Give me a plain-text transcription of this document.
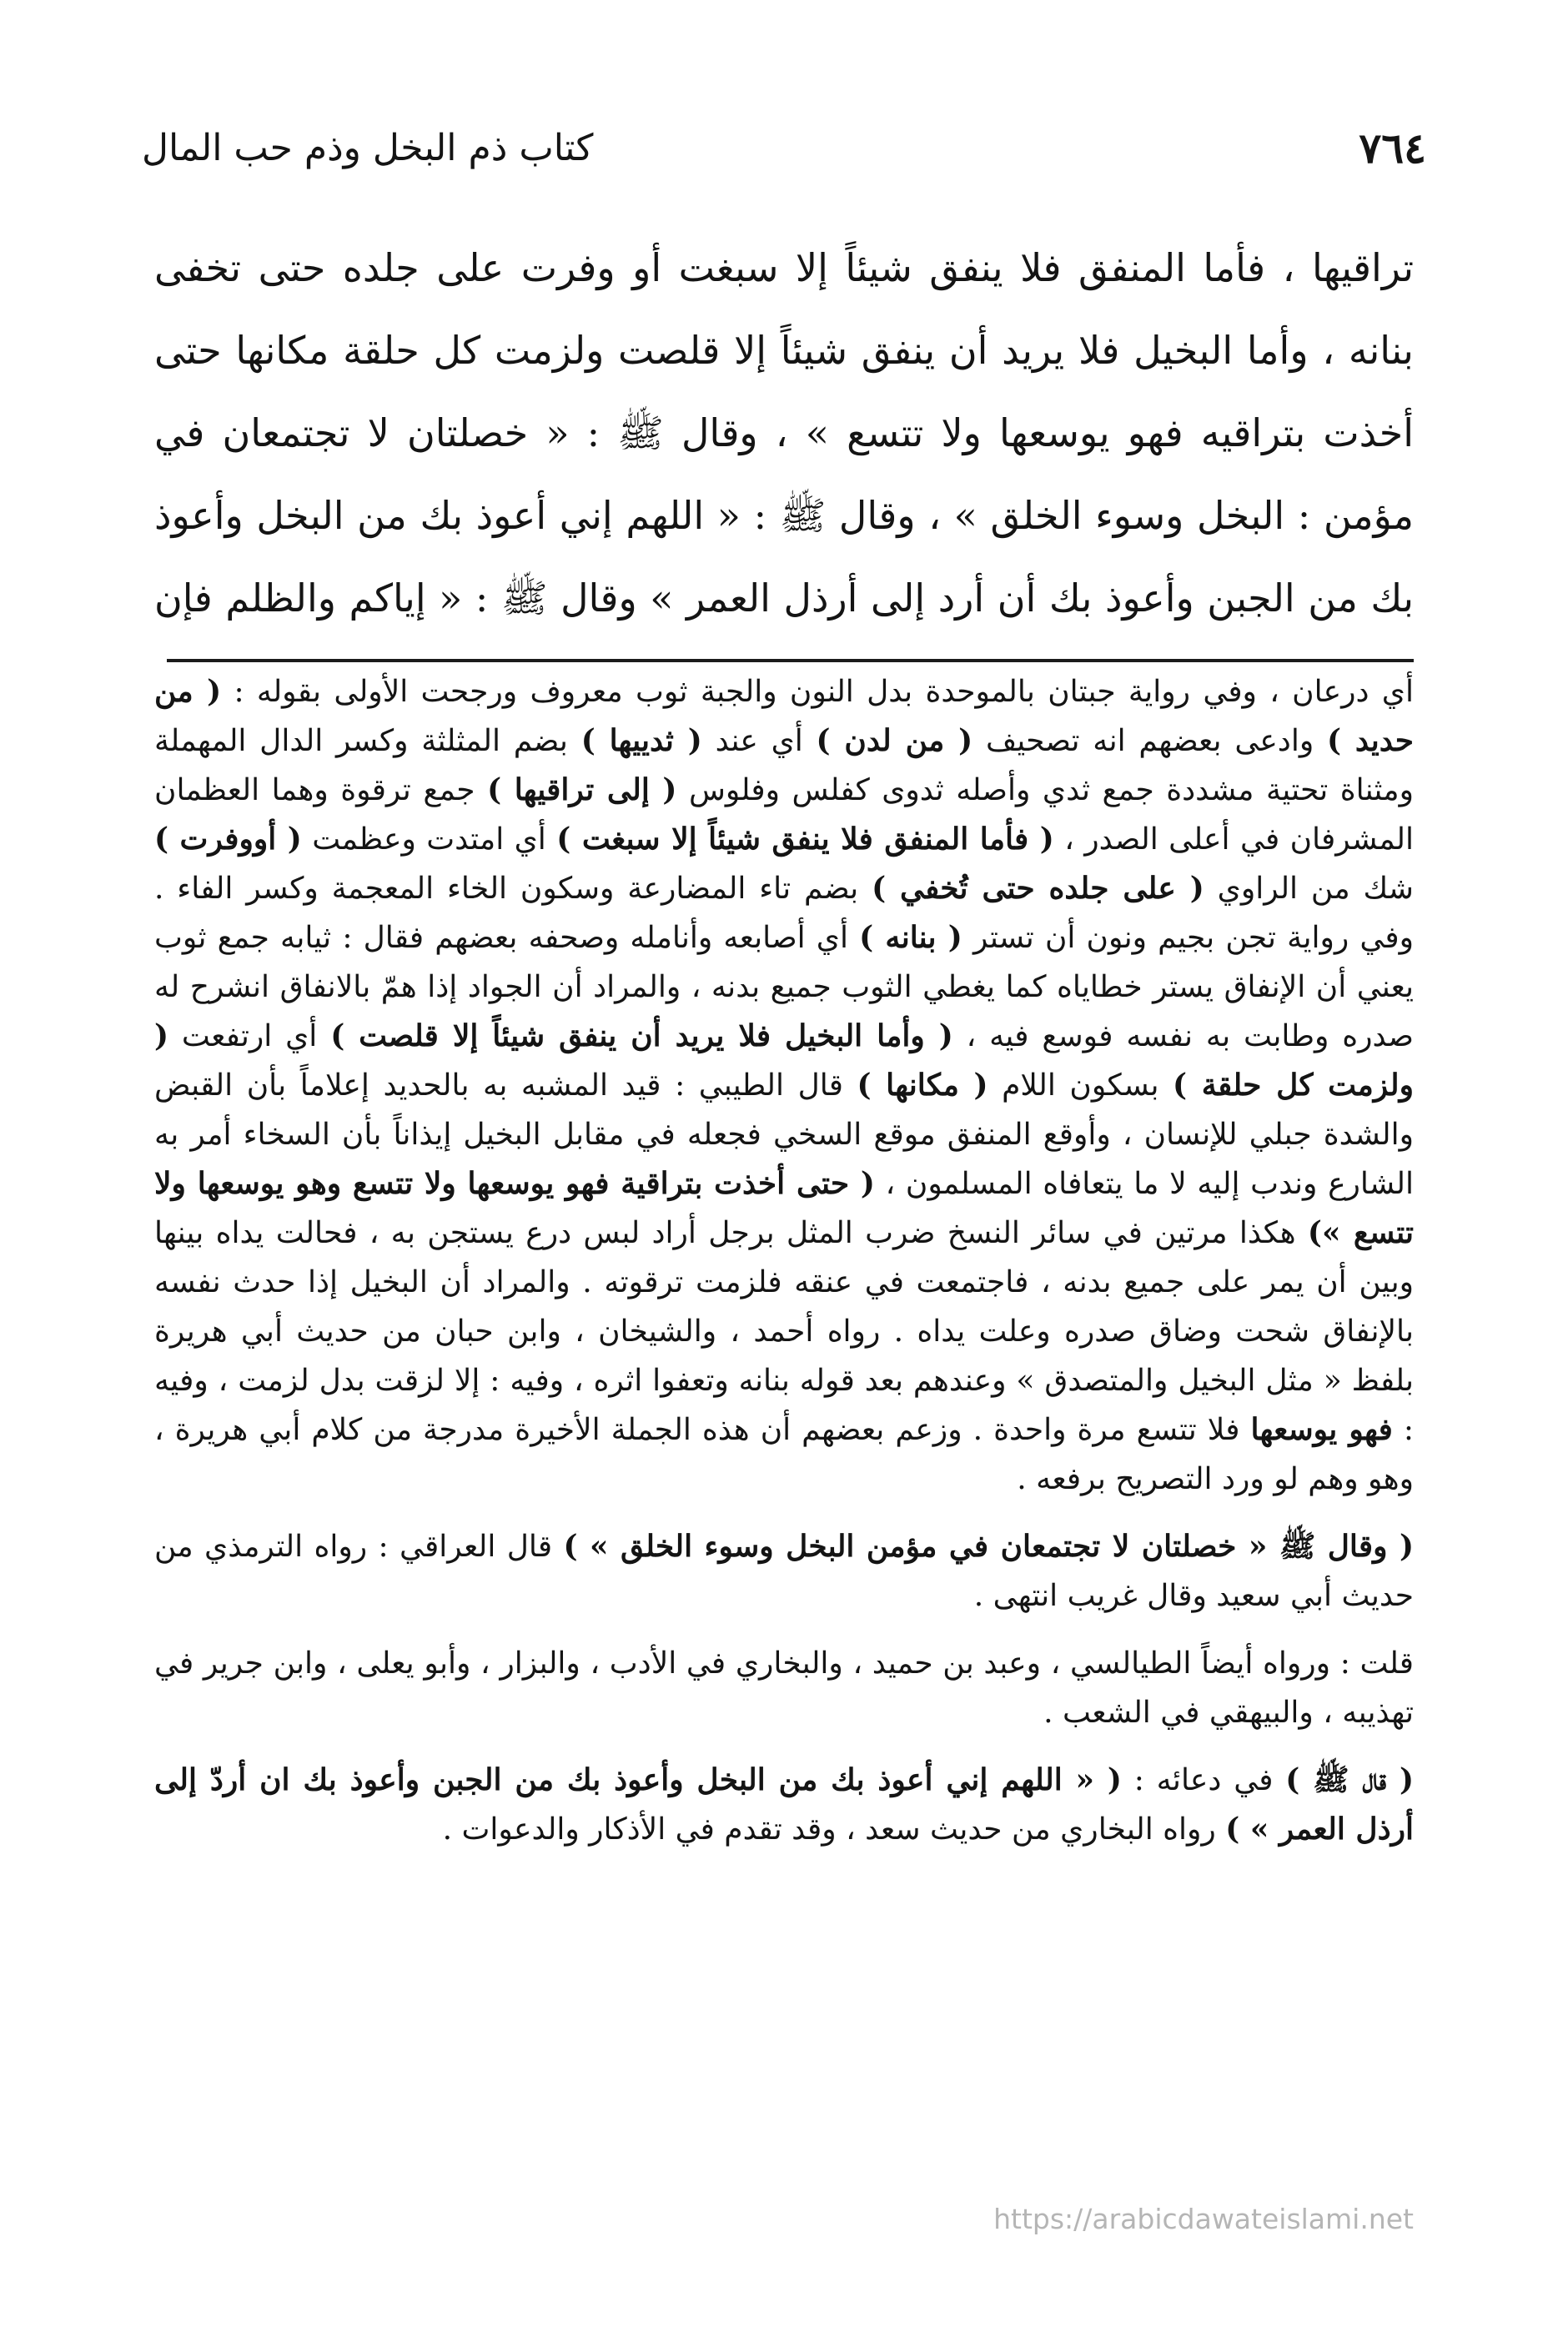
٧٦٤
كتاب ذم البخل وذم حب المال
تراقيها ، فأما المنفق فلا ينفق شيئاً إلا سبغت أو وفرت على جلده حتى تخفى بنانه ، وأما البخيل فلا يريد أن ينفق شيئاً إلا قلصت ولزمت كل حلقة مكانها حتى أخذت بتراقيه فهو يوسعها ولا تتسع » ، وقال ﷺ : « خصلتان لا تجتمعان في مؤمن : البخل وسوء الخلق » ، وقال ﷺ : « اللهم إني أعوذ بك من البخل وأعوذ بك من الجبن وأعوذ بك أن أرد إلى أرذل العمر » وقال ﷺ : « إياكم والظلم فإن

أي درعان ، وفي رواية جبتان بالموحدة بدل النون والجبة ثوب معروف ورجحت الأولى بقوله : ( من حديد ) وادعى بعضهم انه تصحيف ( من لدن ) أي عند ( ثدييها ) بضم المثلثة وكسر الدال المهملة ومثناة تحتية مشددة جمع ثدي وأصله ثدوى كفلس وفلوس ( إلى تراقيها ) جمع ترقوة وهما العظمان المشرفان في أعلى الصدر ، ( فأما المنفق فلا ينفق شيئاً إلا سبغت ) أي امتدت وعظمت ( أووفرت ) شك من الراوي ( على جلده حتى تُخفي ) بضم تاء المضارعة وسكون الخاء المعجمة وكسر الفاء . وفي رواية تجن بجيم ونون أن تستر ( بنانه ) أي أصابعه وأنامله وصحفه بعضهم فقال : ثيابه جمع ثوب يعني أن الإنفاق يستر خطاياه كما يغطي الثوب جميع بدنه ، والمراد أن الجواد إذا همّ بالانفاق انشرح له صدره وطابت به نفسه فوسع فيه ، ( وأما البخيل فلا يريد أن ينفق شيئاً إلا قلصت ) أي ارتفعت ( ولزمت كل حلقة ) بسكون اللام ( مكانها ) قال الطيبي : قيد المشبه به بالحديد إعلاماً بأن القبض والشدة جبلي للإنسان ، وأوقع المنفق موقع السخي فجعله في مقابل البخيل إيذاناً بأن السخاء أمر به الشارع وندب إليه لا ما يتعافاه المسلمون ، ( حتى أخذت بتراقية فهو يوسعها ولا تتسع وهو يوسعها ولا تتسع ») هكذا مرتين في سائر النسخ ضرب المثل برجل أراد لبس درع يستجن به ، فحالت يداه بينها وبين أن يمر على جميع بدنه ، فاجتمعت في عنقه فلزمت ترقوته . والمراد أن البخيل إذا حدث نفسه بالإنفاق شحت وضاق صدره وعلت يداه . رواه أحمد ، والشيخان ، وابن حبان من حديث أبي هريرة بلفظ « مثل البخيل والمتصدق » وعندهم بعد قوله بنانه وتعفوا اثره ، وفيه : إلا لزقت بدل لزمت ، وفيه : فهو يوسعها فلا تتسع مرة واحدة . وزعم بعضهم أن هذه الجملة الأخيرة مدرجة من كلام أبي هريرة ، وهو وهم لو ورد التصريح برفعه .

( وقال ﷺ « خصلتان لا تجتمعان في مؤمن البخل وسوء الخلق » ) قال العراقي : رواه الترمذي من حديث أبي سعيد وقال غريب انتهى .

قلت : ورواه أيضاً الطيالسي ، وعبد بن حميد ، والبخاري في الأدب ، والبزار ، وأبو يعلى ، وابن جرير في تهذيبه ، والبيهقي في الشعب .

( قال ﷺ ) في دعائه : ( « اللهم إني أعوذ بك من البخل وأعوذ بك من الجبن وأعوذ بك ان أردّ إلى أرذل العمر » ) رواه البخاري من حديث سعد ، وقد تقدم في الأذكار والدعوات .

https://arabicdawateislami.net
